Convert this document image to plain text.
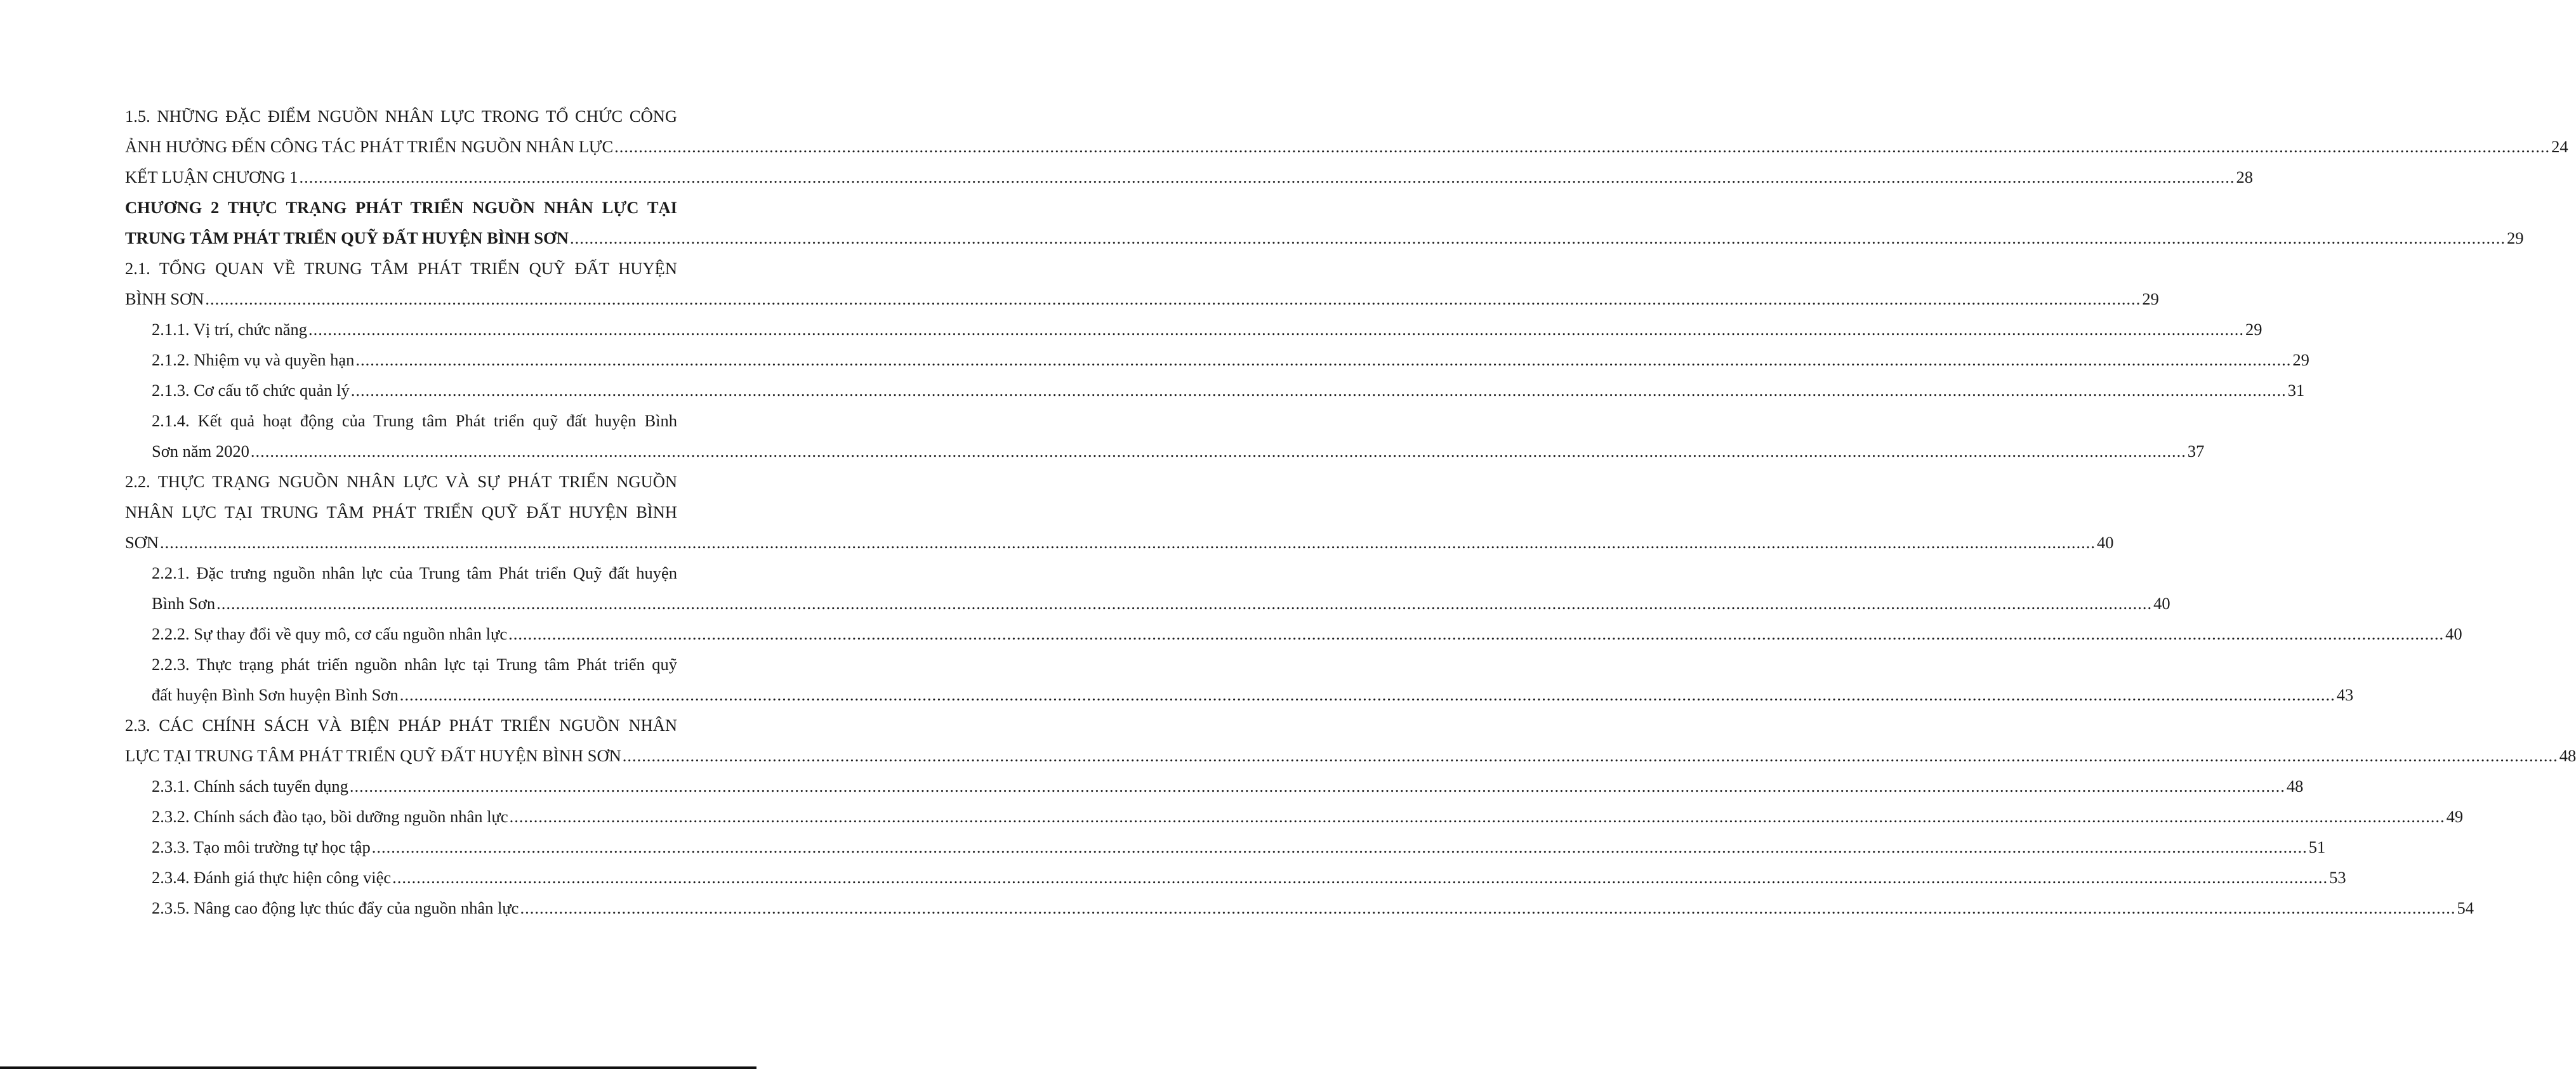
1.5. NHỮNG ĐẶC ĐIỂM NGUỒN NHÂN LỰC TRONG TỔ CHỨC CÔNG
ẢNH HƯỞNG ĐẾN CÔNG TÁC PHÁT TRIỂN NGUỒN NHÂN LỰC ................................................................................................................................................................................................................................................................................................................................................................................................................ 24
KẾT LUẬN CHƯƠNG 1 ................................................................................................................................................................................................................................................................................................................................................................................................................ 28
CHƯƠNG 2 THỰC TRẠNG PHÁT TRIỂN NGUỒN NHÂN LỰC TẠI
TRUNG TÂM PHÁT TRIỂN QUỸ ĐẤT HUYỆN BÌNH SƠN ................................................................................................................................................................................................................................................................................................................................................................................................................ 29
2.1. TỔNG QUAN VỀ TRUNG TÂM PHÁT TRIỂN QUỸ ĐẤT HUYỆN
BÌNH SƠN ................................................................................................................................................................................................................................................................................................................................................................................................................ 29
2.1.1. Vị trí, chức năng ................................................................................................................................................................................................................................................................................................................................................................................................................ 29
2.1.2. Nhiệm vụ và quyền hạn ................................................................................................................................................................................................................................................................................................................................................................................................................ 29
2.1.3. Cơ cấu tổ chức quản lý ................................................................................................................................................................................................................................................................................................................................................................................................................ 31
2.1.4. Kết quả hoạt động của Trung tâm Phát triển quỹ đất huyện Bình
Sơn năm 2020 ................................................................................................................................................................................................................................................................................................................................................................................................................ 37
2.2. THỰC TRẠNG NGUỒN NHÂN LỰC VÀ SỰ PHÁT TRIỂN NGUỒN
NHÂN LỰC TẠI TRUNG TÂM PHÁT TRIỂN QUỸ ĐẤT HUYỆN BÌNH
SƠN ................................................................................................................................................................................................................................................................................................................................................................................................................ 40
2.2.1. Đặc trưng nguồn nhân lực của Trung tâm Phát triển Quỹ đất huyện
Bình Sơn ................................................................................................................................................................................................................................................................................................................................................................................................................ 40
2.2.2. Sự thay đổi về quy mô, cơ cấu nguồn nhân lực ................................................................................................................................................................................................................................................................................................................................................................................................................ 40
2.2.3. Thực trạng phát triển nguồn nhân lực tại Trung tâm Phát triển quỹ
đất huyện Bình Sơn huyện Bình Sơn ................................................................................................................................................................................................................................................................................................................................................................................................................ 43
2.3. CÁC CHÍNH SÁCH VÀ BIỆN PHÁP PHÁT TRIỂN NGUỒN NHÂN
LỰC TẠI TRUNG TÂM PHÁT TRIỂN QUỸ ĐẤT HUYỆN BÌNH SƠN ................................................................................................................................................................................................................................................................................................................................................................................................................ 48
2.3.1. Chính sách tuyển dụng ................................................................................................................................................................................................................................................................................................................................................................................................................ 48
2.3.2. Chính sách đào tạo, bồi dưỡng nguồn nhân lực ................................................................................................................................................................................................................................................................................................................................................................................................................ 49
2.3.3. Tạo môi trường tự học tập ................................................................................................................................................................................................................................................................................................................................................................................................................ 51
2.3.4. Đánh giá thực hiện công việc ................................................................................................................................................................................................................................................................................................................................................................................................................ 53
2.3.5. Nâng cao động lực thúc đẩy của nguồn nhân lực ................................................................................................................................................................................................................................................................................................................................................................................................................ 54
